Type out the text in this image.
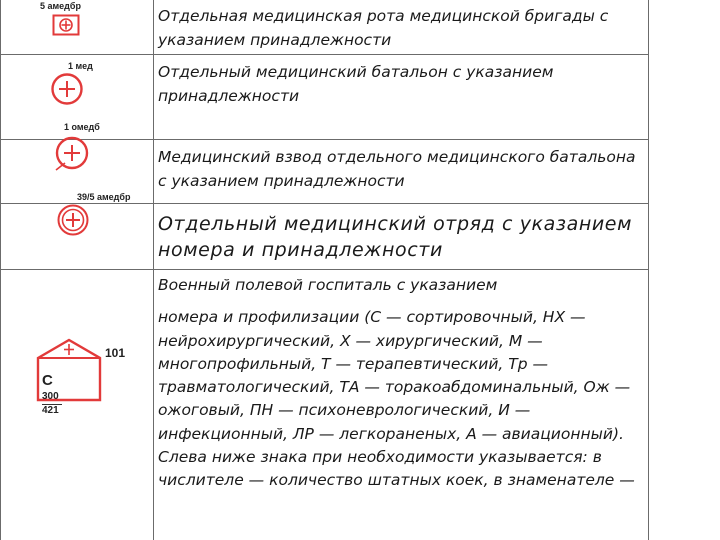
5 амедбр
Отдельная медицинская рота медицинской бригады с указанием принадлежности
1 мед	Отдельный медицинский батальон с указанием принадлежности
1 омедб
Медицинский взвод отдельного медицинского батальона с указанием принадлежности
39/5 амедбр
Отдельный медицинский отряд с указанием номера и принадлежности
101
С
300
421
Военный полевой госпиталь с указанием
номера и профилизации (С — сортировочный, НХ — нейрохирургический, Х — хирургический, М — многопрофильный, Т — терапевтический, Тр — травматологический, ТА — торакоабдоминальный, Ож — ожоговый, ПН — психоневрологический, И — инфекционный, ЛР — легкораненых, А — авиационный). Слева ниже знака при необходимости указывается: в числителе — количество штатных коек, в знаменателе —
